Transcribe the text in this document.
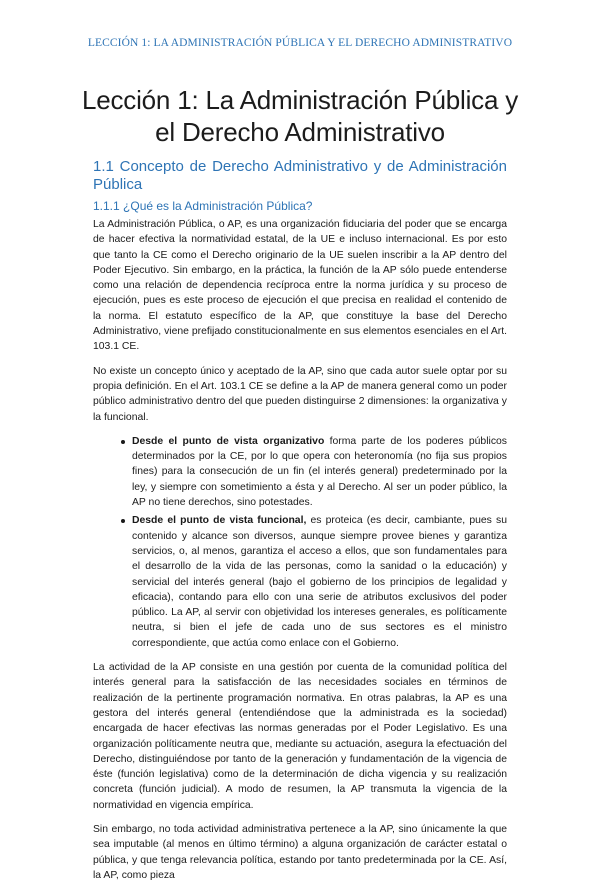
LECCIÓN 1: LA ADMINISTRACIÓN PÚBLICA Y EL DERECHO ADMINISTRATIVO
Lección 1: La Administración Pública y
el Derecho Administrativo
1.1 Concepto de Derecho Administrativo y de Administración Pública
1.1.1 ¿Qué es la Administración Pública?

La Administración Pública, o AP, es una organización fiduciaria del poder que se encarga de hacer efectiva la normatividad estatal, de la UE e incluso internacional. Es por esto que tanto la CE como el Derecho originario de la UE suelen inscribir a la AP dentro del Poder Ejecutivo. Sin embargo, en la práctica, la función de la AP sólo puede entenderse como una relación de dependencia recíproca entre la norma jurídica y su proceso de ejecución, pues es este proceso de ejecución el que precisa en realidad el contenido de la norma. El estatuto específico de la AP, que constituye la base del Derecho Administrativo, viene prefijado constitucionalmente en sus elementos esenciales en el Art. 103.1 CE.

No existe un concepto único y aceptado de la AP, sino que cada autor suele optar por su propia definición. En el Art. 103.1 CE se define a la AP de manera general como un poder público administrativo dentro del que pueden distinguirse 2 dimensiones: la organizativa y la funcional.

Desde el punto de vista organizativo forma parte de los poderes públicos determinados por la CE, por lo que opera con heteronomía (no fija sus propios fines) para la consecución de un fin (el interés general) predeterminado por la ley, y siempre con sometimiento a ésta y al Derecho. Al ser un poder público, la AP no tiene derechos, sino potestades.
Desde el punto de vista funcional, es proteica (es decir, cambiante, pues su contenido y alcance son diversos, aunque siempre provee bienes y garantiza servicios, o, al menos, garantiza el acceso a ellos, que son fundamentales para el desarrollo de la vida de las personas, como la sanidad o la educación) y servicial del interés general (bajo el gobierno de los principios de legalidad y eficacia), contando para ello con una serie de atributos exclusivos del poder público. La AP, al servir con objetividad los intereses generales, es políticamente neutra, si bien el jefe de cada uno de sus sectores es el ministro correspondiente, que actúa como enlace con el Gobierno.

La actividad de la AP consiste en una gestión por cuenta de la comunidad política del interés general para la satisfacción de las necesidades sociales en términos de realización de la pertinente programación normativa. En otras palabras, la AP es una gestora del interés general (entendiéndose que la administrada es la sociedad) encargada de hacer efectivas las normas generadas por el Poder Legislativo. Es una organización políticamente neutra que, mediante su actuación, asegura la efectuación del Derecho, distinguiéndose por tanto de la generación y fundamentación de la vigencia de éste (función legislativa) como de la determinación de dicha vigencia y su realización concreta (función judicial). A modo de resumen, la AP transmuta la vigencia de la normatividad en vigencia empírica.

Sin embargo, no toda actividad administrativa pertenece a la AP, sino únicamente la que sea imputable (al menos en último término) a alguna organización de carácter estatal o pública, y que tenga relevancia política, estando por tanto predeterminada por la CE. Así, la AP, como pieza
